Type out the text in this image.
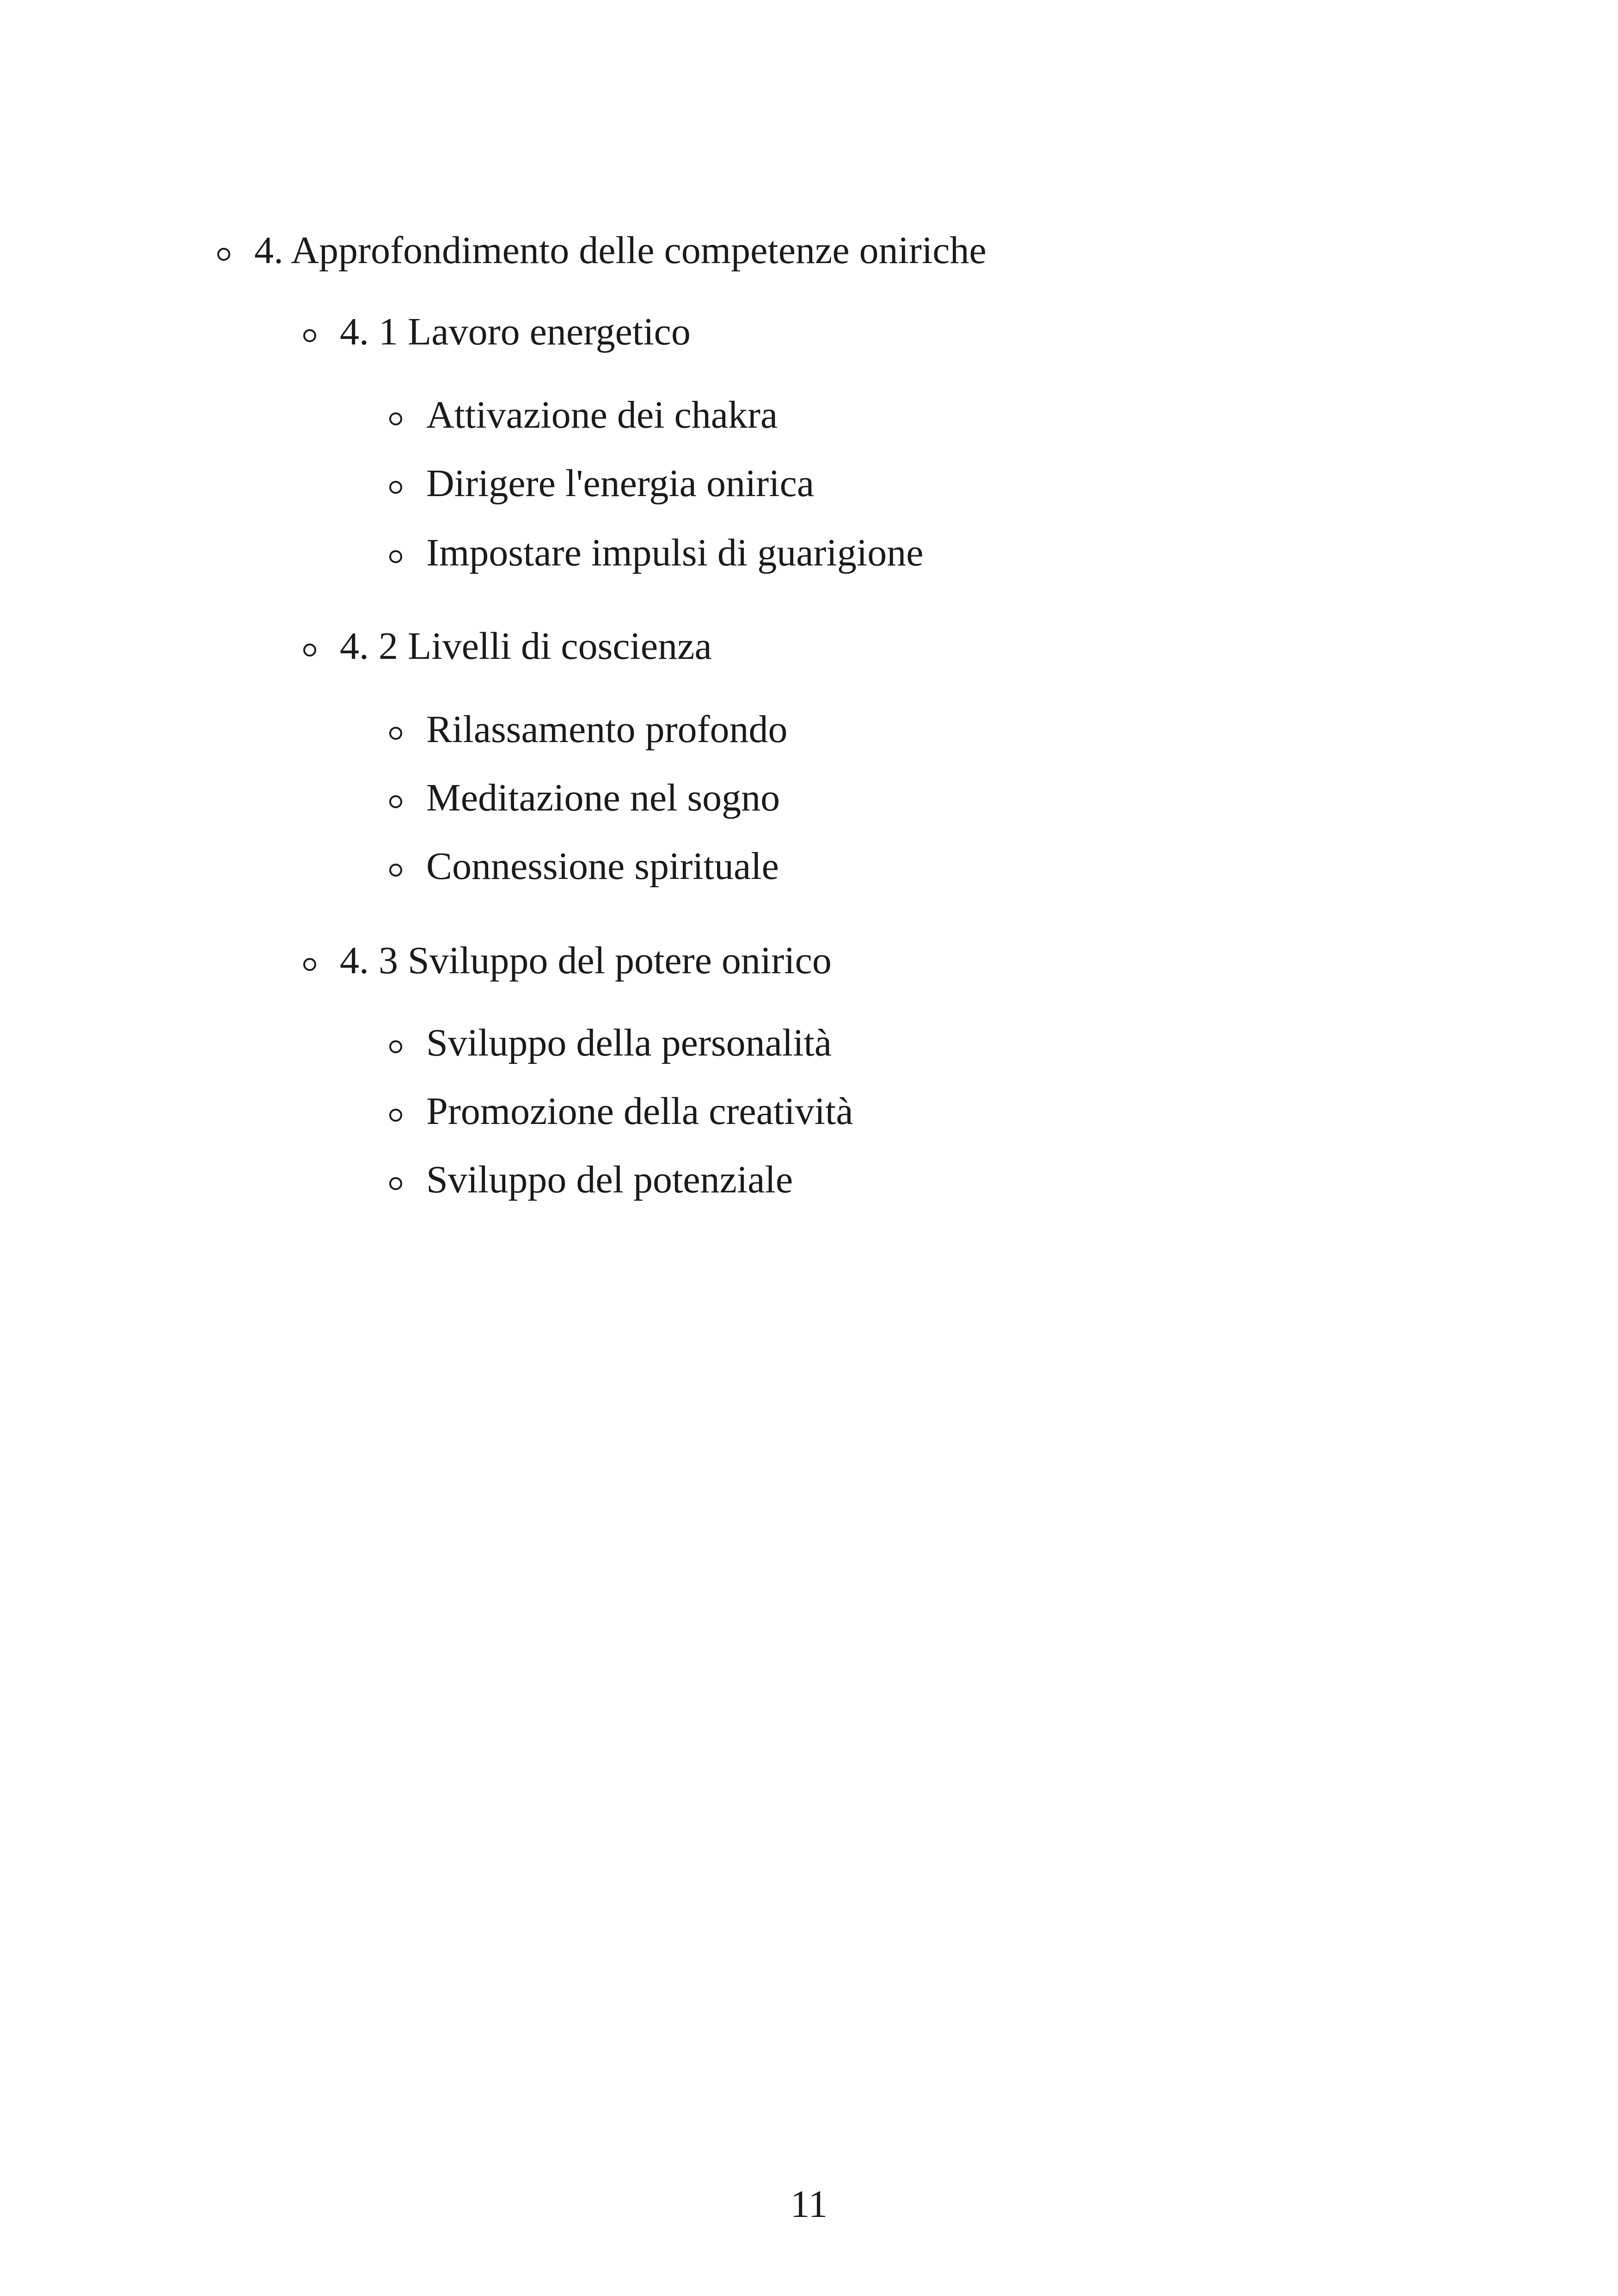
4. Approfondimento delle competenze oniriche
4. 1 Lavoro energetico
Attivazione dei chakra
Dirigere l'energia onirica
Impostare impulsi di guarigione
4. 2 Livelli di coscienza
Rilassamento profondo
Meditazione nel sogno
Connessione spirituale
4. 3 Sviluppo del potere onirico
Sviluppo della personalità
Promozione della creatività
Sviluppo del potenziale
11
